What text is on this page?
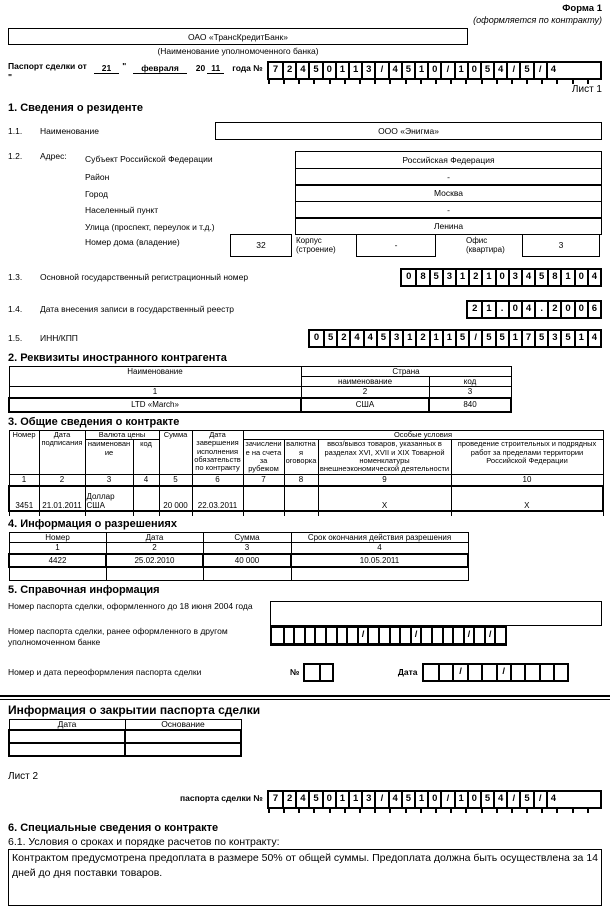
Форма 1
(оформляется по контракту)
ОАО «ТрансКредитБанк»
(Наименование уполномоченного банка)
Паспорт сделки от
"
21	"	февраля	20 11	года №	7 2 4 5 0 1 1 3 / 4 5 1 0 / 1 0 5 4 / 5 / 4
Лист 1
1. Сведения о резиденте
1.1.	Наименование	ООО «Энигма»
1.2.	Адрес:	Субъект Российской Федерации	Российская Федерация
Район	-
Город	Москва
Населенный пункт	-
Улица (проспект, переулок и т.д.)	Ленина
Номер дома (владение)	32	Корпус (строение)	-	Офис (квартира)	3
1.3.	Основной государственный регистрационный номер	0 8 5 3 1 2 1 0 3 4 5 8 1 0 4
1.4.	Дата внесения записи в государственный реестр	2 1 . 0 4 . 2 0 0 6
1.5.	ИНН/КПП	0 5 2 4 4 5 3 1 2 1 1 5 / 5 5 1 7 5 3 5 1 4
2. Реквизиты иностранного контрагента
Наименование	Страна	
	наименование	код
1	2	3
LTD «March»	США	840
3. Общие сведения о контракте
Номер	Дата подписания	Валюта цены		Сумма	Дата завершения исполнения обязательств по контракту	Особые условия			
		наименование	код			зачисление на счета за рубежом	валютная оговорка	ввоз/вывоз товаров, указанных в разделах XVI, XVII и XIX Товарной номенклатуры внешнеэкономической деятельности	проведение строительных и подрядных работ за пределами территории Российской Федерации
1	2	3	4	5	6	7	8	9	10
3451	21.01.2011	Доллар США		20 000	22.03.2011			X	X

4. Информация о разрешениях
Номер	Дата	Сумма	Срок окончания действия разрешения
1	2	3	4
4422	25.02.2010	40 000	10.05.2011

5. Справочная информация
Номер паспорта сделки, оформленного до 18 июня 2004 года
Номер паспорта сделки, ранее оформленного в другом уполномоченном банке
/	/	/	/
Номер и дата переоформления паспорта сделки	№	Дата	/	/
Информация о закрытии паспорта сделки
Дата	Основание

Лист 2
паспорта сделки №	7 2 4 5 0 1 1 3 / 4 5 1 0 / 1 0 5 4 / 5 / 4
6. Специальные сведения о контракте
6.1. Условия о сроках и порядке расчетов по контракту:
Контрактом предусмотрена предоплата в размере 50% от общей суммы. Предоплата должна быть осуществлена за 14 дней до дня поставки товаров.
